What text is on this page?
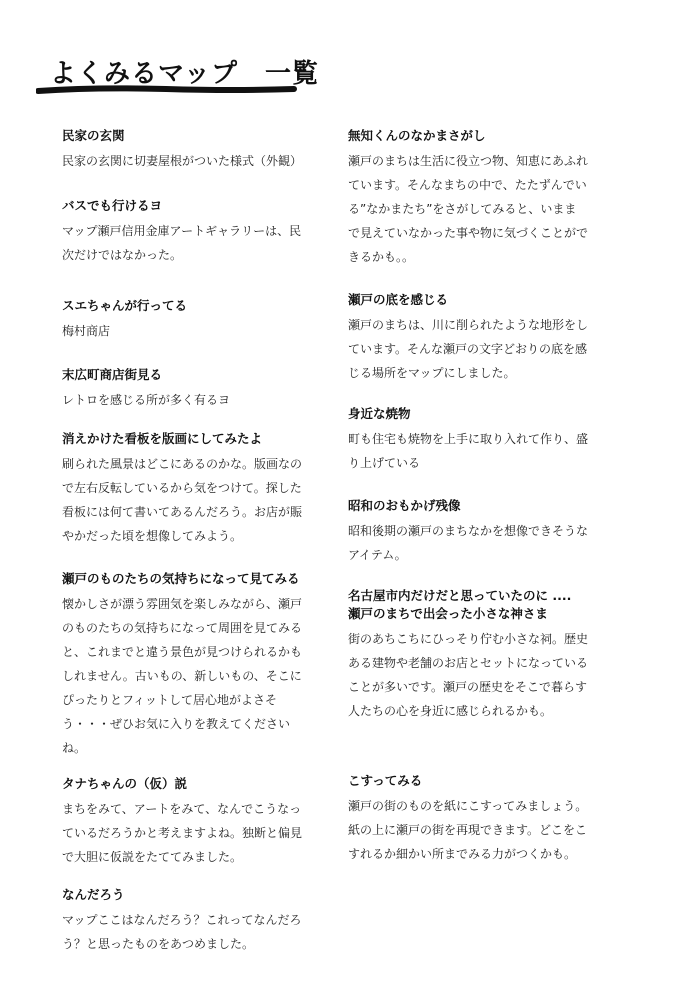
よくみるマップ　一覧

民家の玄関

民家の玄関に切妻屋根がついた様式（外観）

バスでも行けるヨ

マップ瀬戸信用金庫アートギャラリーは、民次だけではなかった。

スエちゃんが行ってる

梅村商店

末広町商店街見る

レトロを感じる所が多く有るヨ

消えかけた看板を版画にしてみたよ

刷られた風景はどこにあるのかな。版画なので左右反転しているから気をつけて。探した看板には何て書いてあるんだろう。お店が賑やかだった頃を想像してみよう。

瀬戸のものたちの気持ちになって見てみる

懐かしさが漂う雰囲気を楽しみながら、瀬戸のものたちの気持ちになって周囲を見てみると、これまでと違う景色が見つけられるかもしれません。古いもの、新しいもの、そこにぴったりとフィットして居心地がよさそう・・・ぜひお気に入りを教えてくださいね。

タナちゃんの（仮）説

まちをみて、アートをみて、なんでこうなっているだろうかと考えますよね。独断と偏見で大胆に仮説をたててみました。

なんだろう

マップここはなんだろう？これってなんだろう？と思ったものをあつめました。

無知くんのなかまさがし

瀬戸のまちは生活に役立つ物、知恵にあふれています。そんなまちの中で、たたずんでいる”なかまたち”をさがしてみると、いままで見えていなかった事や物に気づくことができるかも。。

瀬戸の底を感じる

瀬戸のまちは、川に削られたような地形をしています。そんな瀬戸の文字どおりの底を感じる場所をマップにしました。

身近な焼物

町も住宅も焼物を上手に取り入れて作り、盛り上げている

昭和のおもかげ残像

昭和後期の瀬戸のまちなかを想像できそうなアイテム。

名古屋市内だけだと思っていたのに .... 瀬戸のまちで出会った小さな神さま

街のあちこちにひっそり佇む小さな祠。歴史ある建物や老舗のお店とセットになっていることが多いです。瀬戸の歴史をそこで暮らす人たちの心を身近に感じられるかも。

こすってみる

瀬戸の街のものを紙にこすってみましょう。紙の上に瀬戸の街を再現できます。どこをこすれるか細かい所までみる力がつくかも。
